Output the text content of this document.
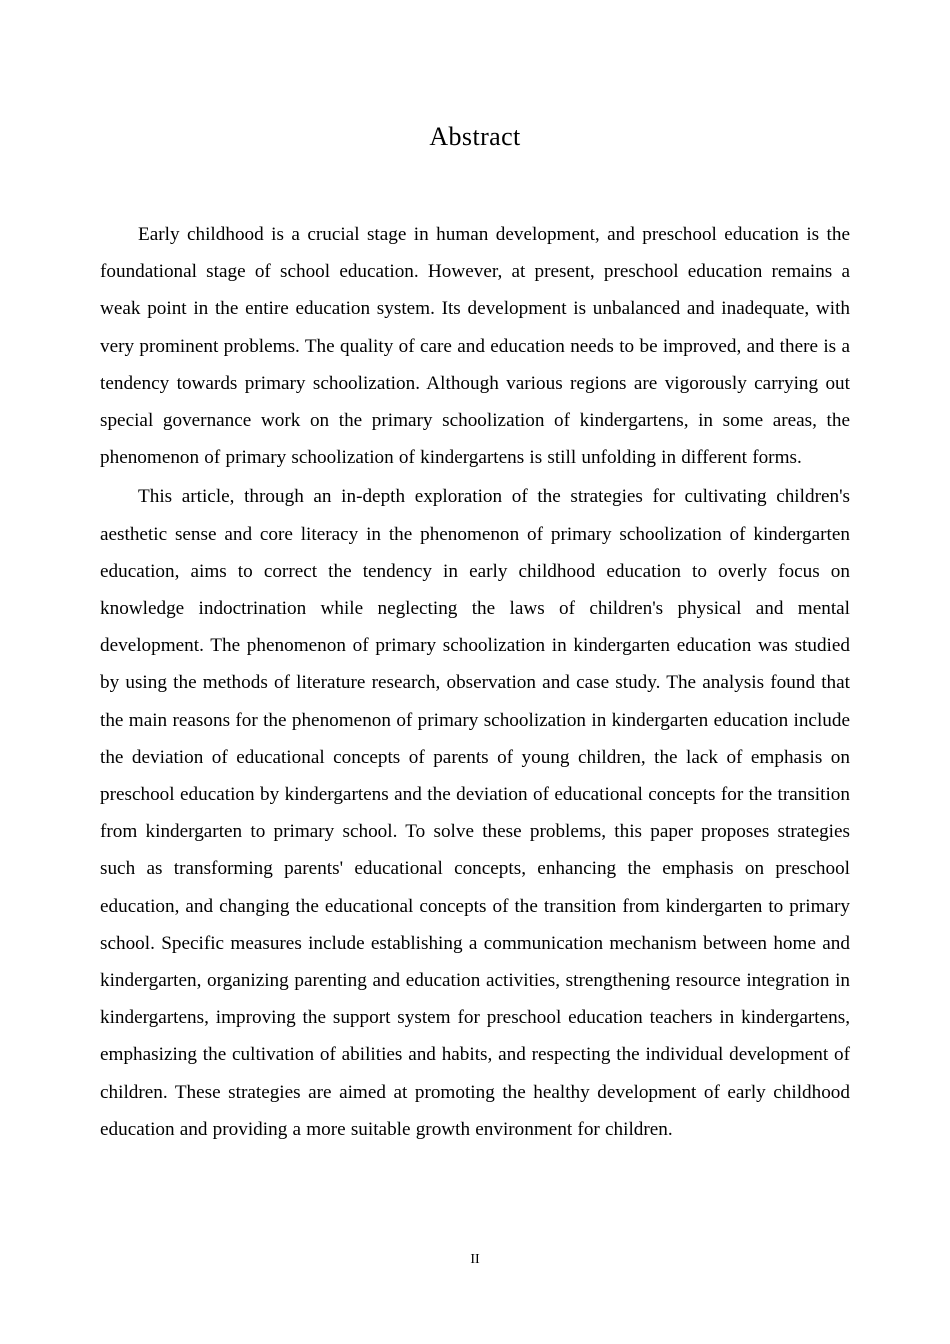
Abstract

Early childhood is a crucial stage in human development, and preschool education is the foundational stage of school education. However, at present, preschool education remains a weak point in the entire education system. Its development is unbalanced and inadequate, with very prominent problems. The quality of care and education needs to be improved, and there is a tendency towards primary schoolization. Although various regions are vigorously carrying out special governance work on the primary schoolization of kindergartens, in some areas, the phenomenon of primary schoolization of kindergartens is still unfolding in different forms.

This article, through an in-depth exploration of the strategies for cultivating children's aesthetic sense and core literacy in the phenomenon of primary schoolization of kindergarten education, aims to correct the tendency in early childhood education to overly focus on knowledge indoctrination while neglecting the laws of children's physical and mental development. The phenomenon of primary schoolization in kindergarten education was studied by using the methods of literature research, observation and case study. The analysis found that the main reasons for the phenomenon of primary schoolization in kindergarten education include the deviation of educational concepts of parents of young children, the lack of emphasis on preschool education by kindergartens and the deviation of educational concepts for the transition from kindergarten to primary school. To solve these problems, this paper proposes strategies such as transforming parents' educational concepts, enhancing the emphasis on preschool education, and changing the educational concepts of the transition from kindergarten to primary school. Specific measures include establishing a communication mechanism between home and kindergarten, organizing parenting and education activities, strengthening resource integration in kindergartens, improving the support system for preschool education teachers in kindergartens, emphasizing the cultivation of abilities and habits, and respecting the individual development of children. These strategies are aimed at promoting the healthy development of early childhood education and providing a more suitable growth environment for children.

II
